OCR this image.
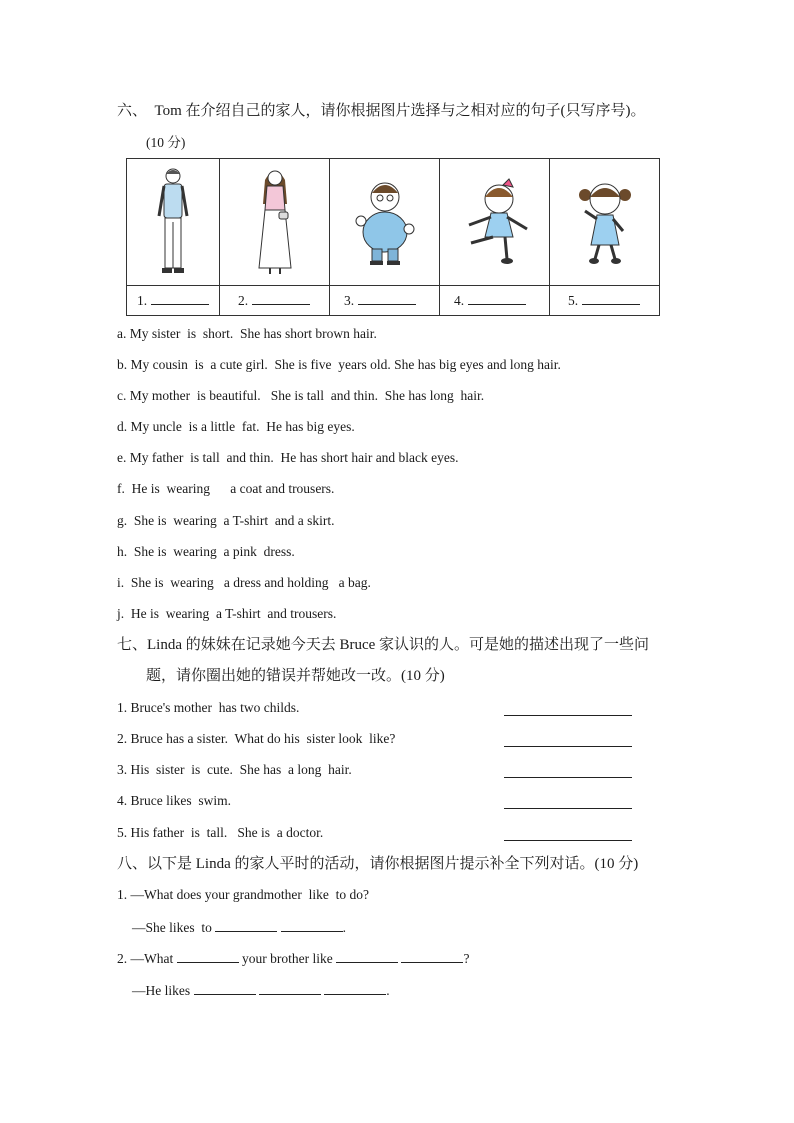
六、  Tom 在介绍自己的家人，请你根据图片选择与之相对应的句子(只写序号)。
(10 分)

1.	2.	3.	4.	5.
a. My sister  is  short.  She has short brown hair.
b. My cousin  is  a cute girl.  She is five  years old. She has big eyes and long hair.
c. My mother  is beautiful.   She is tall  and thin.  She has long  hair.
d. My uncle  is a little  fat.  He has big eyes.
e. My father  is tall  and thin.  He has short hair and black eyes.
f.  He is  wearing      a coat and trousers.
g.  She is  wearing  a T-shirt  and a skirt.
h.  She is  wearing  a pink  dress.
i.  She is  wearing   a dress and holding   a bag.
j.  He is  wearing  a T-shirt  and trousers.
七、Linda 的妹妹在记录她今天去 Bruce 家认识的人。可是她的描述出现了一些问
题，请你圈出她的错误并帮她改一改。(10 分)
1. Bruce's mother  has two childs.
2. Bruce has a sister.  What do his  sister look  like?
3. His  sister  is  cute.  She has  a long  hair.
4. Bruce likes  swim.
5. His father  is  tall.   She is  a doctor.
八、以下是 Linda 的家人平时的活动，请你根据图片提示补全下列对话。(10 分)
1. —What does your grandmother  like  to do?
—She likes  to	.
2. —What	your brother like	?
—He likes	.
